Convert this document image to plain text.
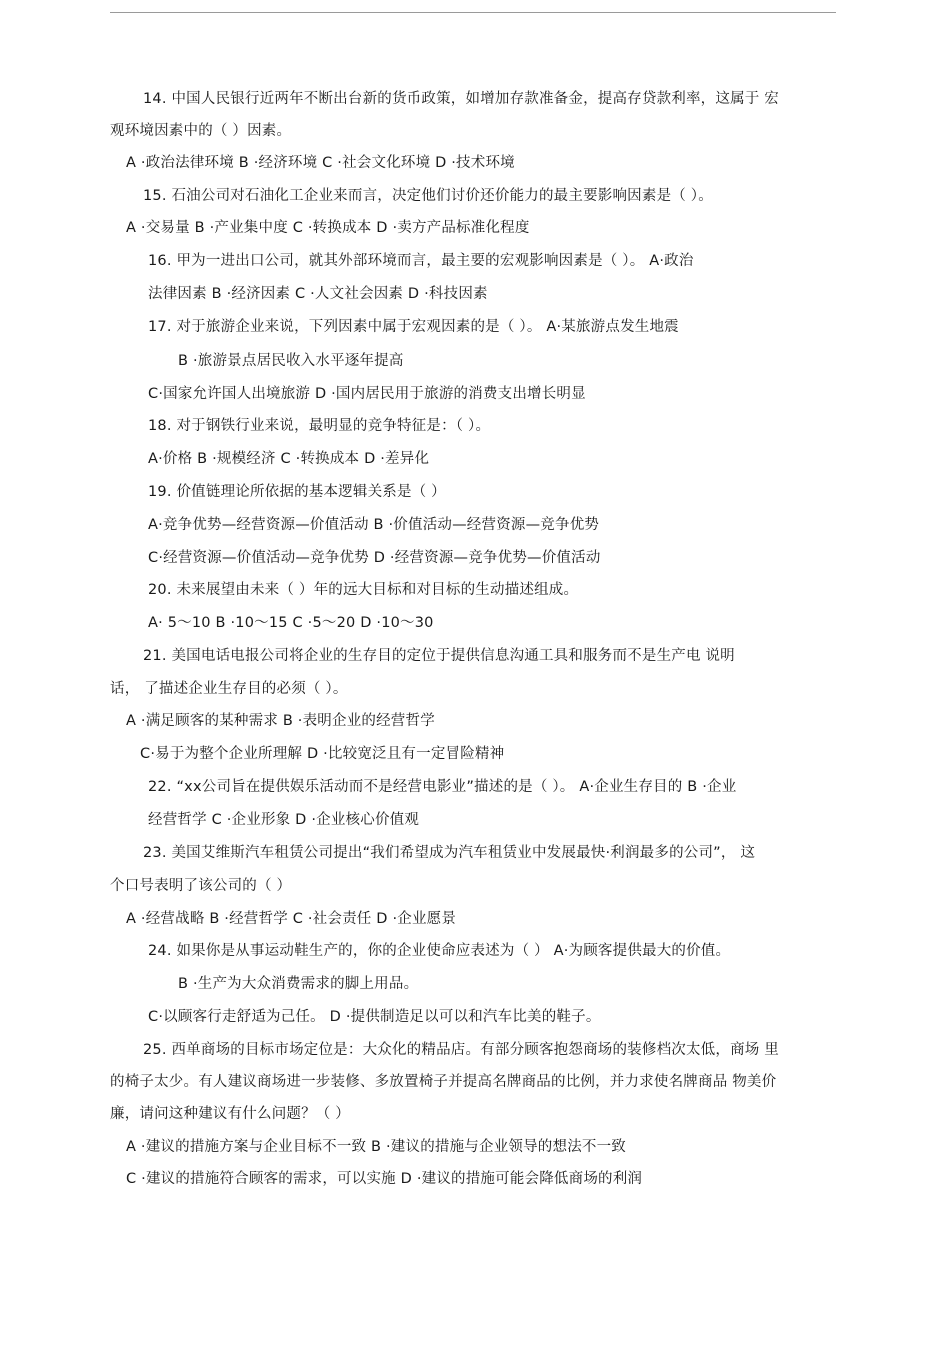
14. 中国人民银行近两年不断出台新的货币政策，如增加存款准备金，提高存贷款利率，这属于 宏
观环境因素中的（ ）因素。
A ·政治法律环境 B ·经济环境 C ·社会文化环境 D ·技术环境
15. 石油公司对石油化工企业来而言，决定他们讨价还价能力的最主要影响因素是（ ）。
A ·交易量 B ·产业集中度 C ·转换成本 D ·卖方产品标准化程度
16. 甲为一进出口公司，就其外部环境而言，最主要的宏观影响因素是（ ）。 A·政治
法律因素 B ·经济因素 C ·人文社会因素 D ·科技因素
17. 对于旅游企业来说，下列因素中属于宏观因素的是（ ）。 A·某旅游点发生地震
B ·旅游景点居民收入水平逐年提高
C·国家允许国人出境旅游 D ·国内居民用于旅游的消费支出增长明显
18. 对于钢铁行业来说，最明显的竞争特征是：（ ）。
A·价格 B ·规模经济 C ·转换成本 D ·差异化
19. 价值链理论所依据的基本逻辑关系是（ ）
A·竞争优势—经营资源—价值活动 B ·价值活动—经营资源—竞争优势
C·经营资源—价值活动—竞争优势 D ·经营资源—竞争优势—价值活动
20. 未来展望由未来（ ）年的远大目标和对目标的生动描述组成。
A· 5～10 B ·10～15 C ·5～20 D ·10～30
21. 美国电话电报公司将企业的生存目的定位于提供信息沟通工具和服务而不是生产电 说明
话， 了描述企业生存目的必须（ ）。
A ·满足顾客的某种需求 B ·表明企业的经营哲学
C·易于为整个企业所理解 D ·比较宽泛且有一定冒险精神
22. “xx公司旨在提供娱乐活动而不是经营电影业”描述的是（ ）。 A·企业生存目的 B ·企业
经营哲学 C ·企业形象 D ·企业核心价值观
23. 美国艾维斯汽车租赁公司提出“我们希望成为汽车租赁业中发展最快·利润最多的公司”， 这
个口号表明了该公司的（ ）
A ·经营战略 B ·经营哲学 C ·社会责任 D ·企业愿景
24. 如果你是从事运动鞋生产的，你的企业使命应表述为（ ） A·为顾客提供最大的价值。
B ·生产为大众消费需求的脚上用品。
C·以顾客行走舒适为己任。 D ·提供制造足以可以和汽车比美的鞋子。
25. 西单商场的目标市场定位是：大众化的精品店。有部分顾客抱怨商场的装修档次太低，商场 里
的椅子太少。有人建议商场进一步装修、多放置椅子并提高名牌商品的比例，并力求使名牌商品 物美价
廉，请问这种建议有什么问题？（ ）
A ·建议的措施方案与企业目标不一致 B ·建议的措施与企业领导的想法不一致
C ·建议的措施符合顾客的需求，可以实施 D ·建议的措施可能会降低商场的利润
